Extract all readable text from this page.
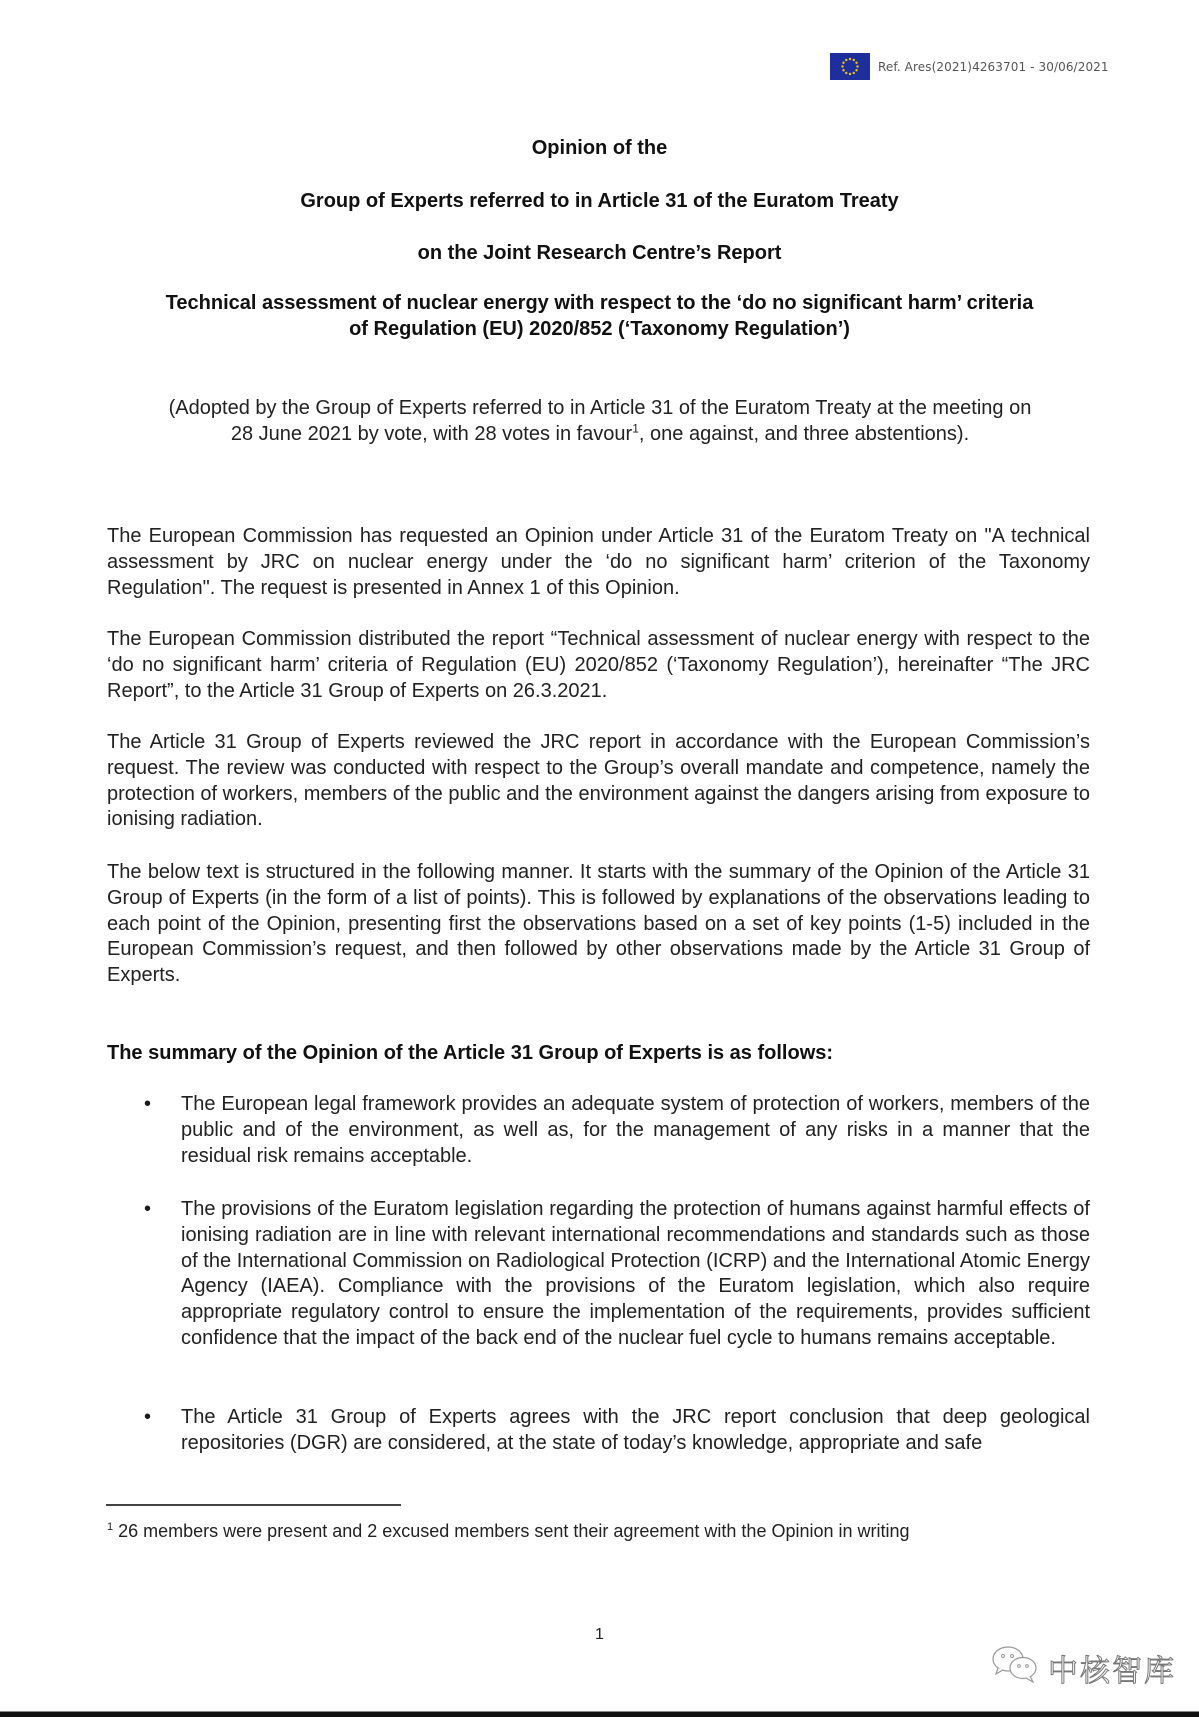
Ref. Ares(2021)4263701 - 30/06/2021
Opinion of the
Group of Experts referred to in Article 31 of the Euratom Treaty
on the Joint Research Centre’s Report
Technical assessment of nuclear energy with respect to the ‘do no significant harm’ criteria
of Regulation (EU) 2020/852 (‘Taxonomy Regulation’)
(Adopted by the Group of Experts referred to in Article 31 of the Euratom Treaty at the meeting on
28 June 2021 by vote, with 28 votes in favour$^1$, one against, and three abstentions).

The European Commission has requested an Opinion under Article 31 of the Euratom Treaty on "A technical assessment by JRC on nuclear energy under the ‘do no significant harm’ criterion of the Taxonomy Regulation". The request is presented in Annex 1 of this Opinion.

The European Commission distributed the report “Technical assessment of nuclear energy with respect to the ‘do no significant harm’ criteria of Regulation (EU) 2020/852 (‘Taxonomy Regulation’), hereinafter “The JRC Report”, to the Article 31 Group of Experts on 26.3.2021.

The Article 31 Group of Experts reviewed the JRC report in accordance with the European Commission’s request. The review was conducted with respect to the Group’s overall mandate and competence, namely the protection of workers, members of the public and the environment against the dangers arising from exposure to ionising radiation.

The below text is structured in the following manner. It starts with the summary of the Opinion of the Article 31 Group of Experts (in the form of a list of points). This is followed by explanations of the observations leading to each point of the Opinion, presenting first the observations based on a set of key points (1-5) included in the European Commission’s request, and then followed by other observations made by the Article 31 Group of Experts.

The summary of the Opinion of the Article 31 Group of Experts is as follows:
•	The European legal framework provides an adequate system of protection of workers, members of the public and of the environment, as well as, for the management of any risks in a manner that the residual risk remains acceptable.
•	The provisions of the Euratom legislation regarding the protection of humans against harmful effects of ionising radiation are in line with relevant international recommendations and standards such as those of the International Commission on Radiological Protection (ICRP) and the International Atomic Energy Agency (IAEA). Compliance with the provisions of the Euratom legislation, which also require appropriate regulatory control to ensure the implementation of the requirements, provides sufficient confidence that the impact of the back end of the nuclear fuel cycle to humans remains acceptable.
•	The Article 31 Group of Experts agrees with the JRC report conclusion that deep geological repositories (DGR) are considered, at the state of today’s knowledge, appropriate and safe
$^1$ 26 members were present and 2 excused members sent their agreement with the Opinion in writing
1
中核智库
